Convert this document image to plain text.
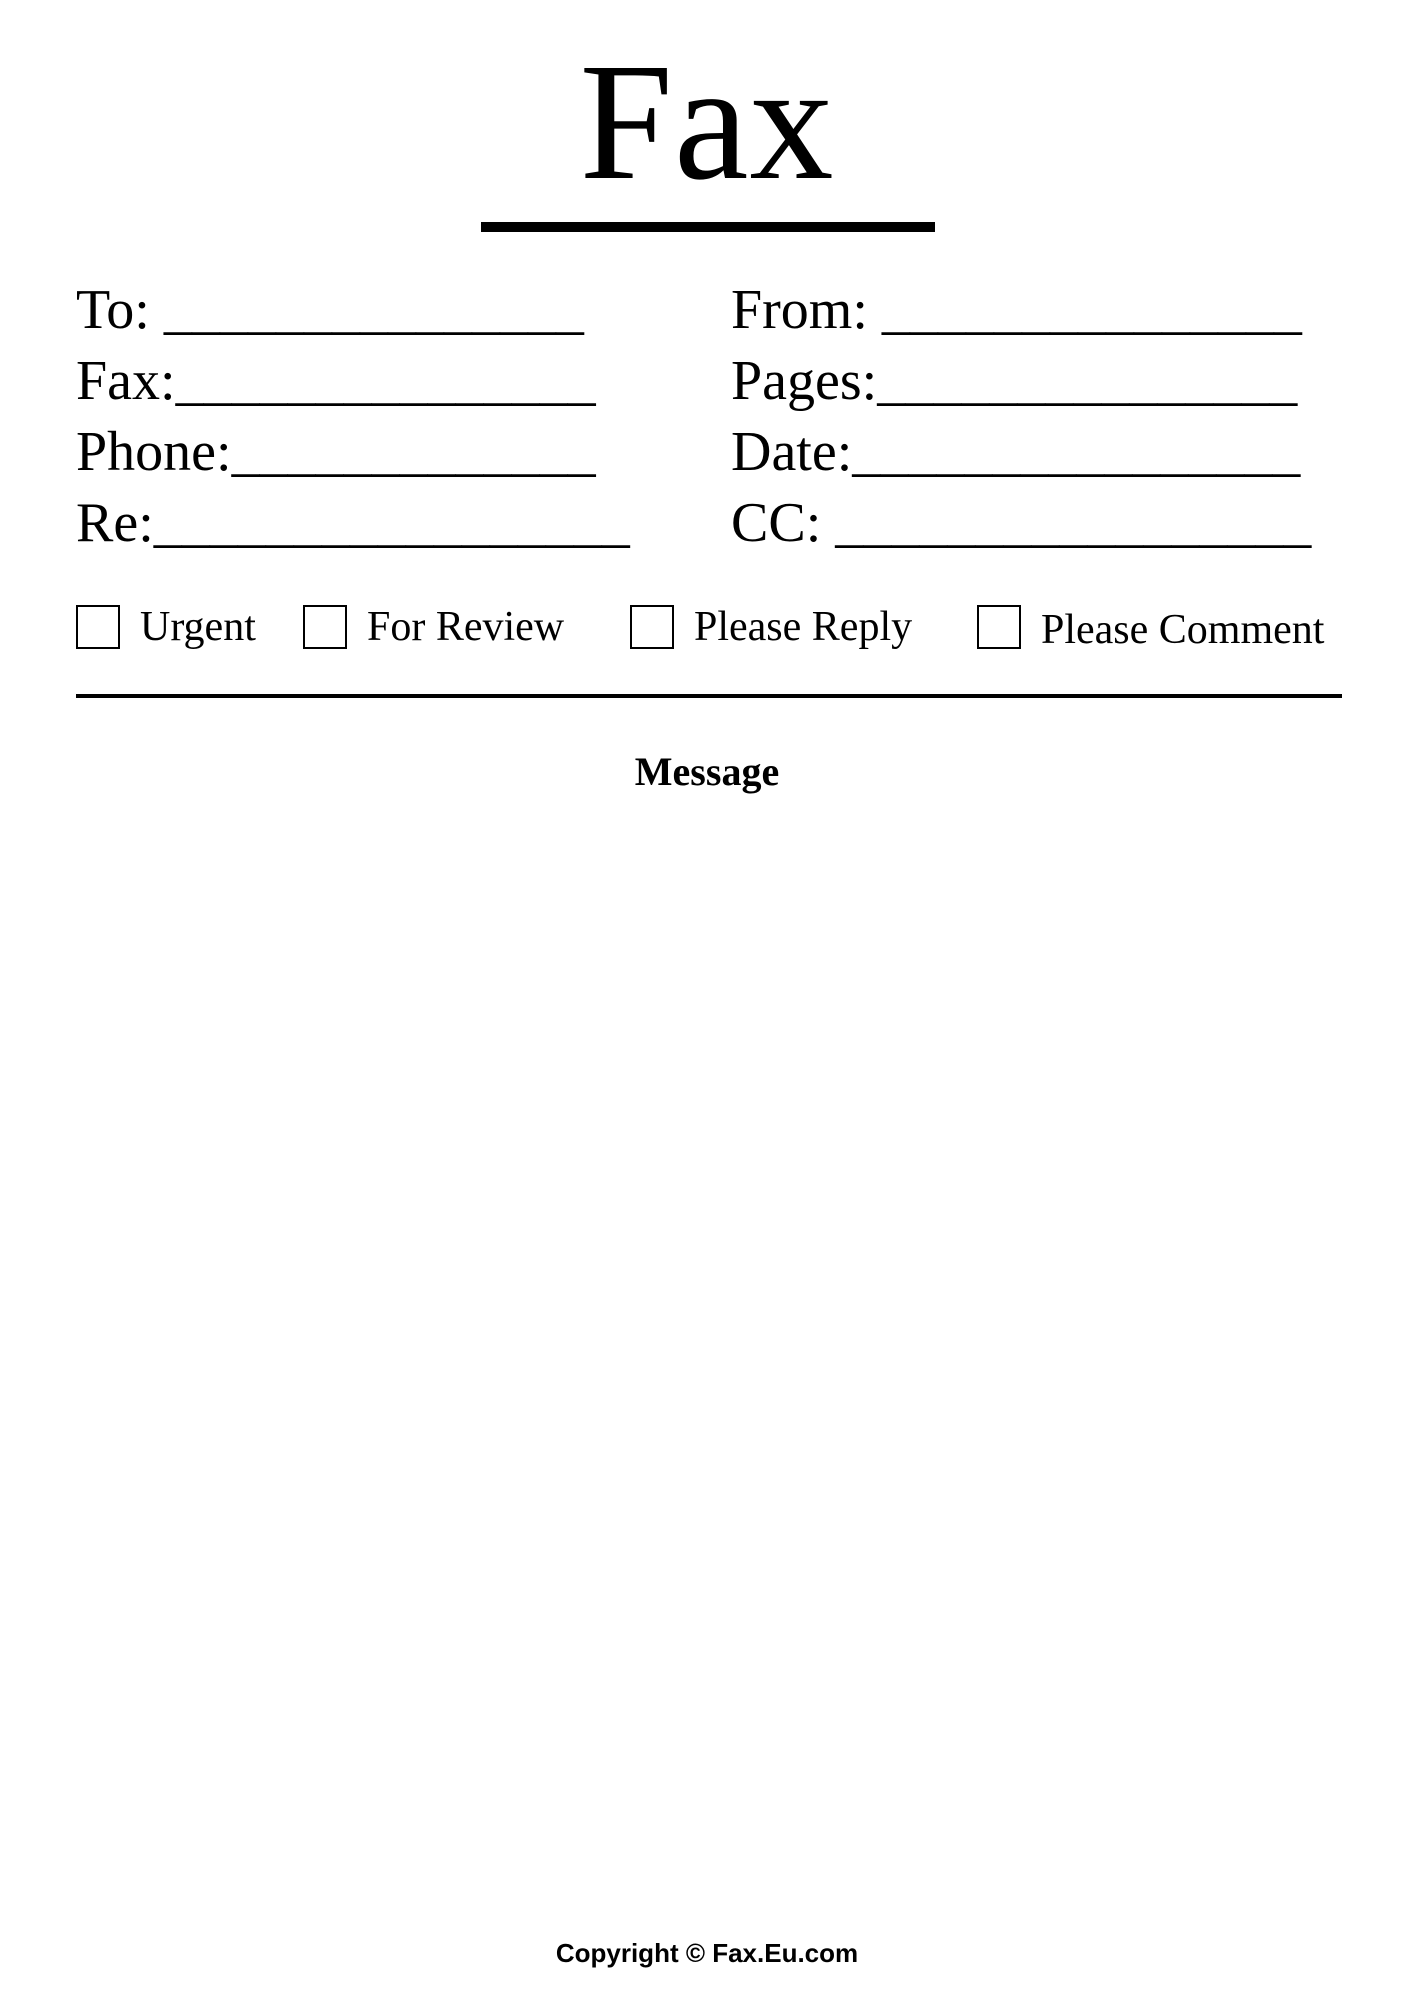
Fax
To: _______________
Fax:_______________
Phone:_____________
Re:_________________
From: _______________
Pages:_______________
Date:________________
CC: _________________
Urgent	For Review	Please Reply	Please Comment
Message
Copyright © Fax.Eu.com
